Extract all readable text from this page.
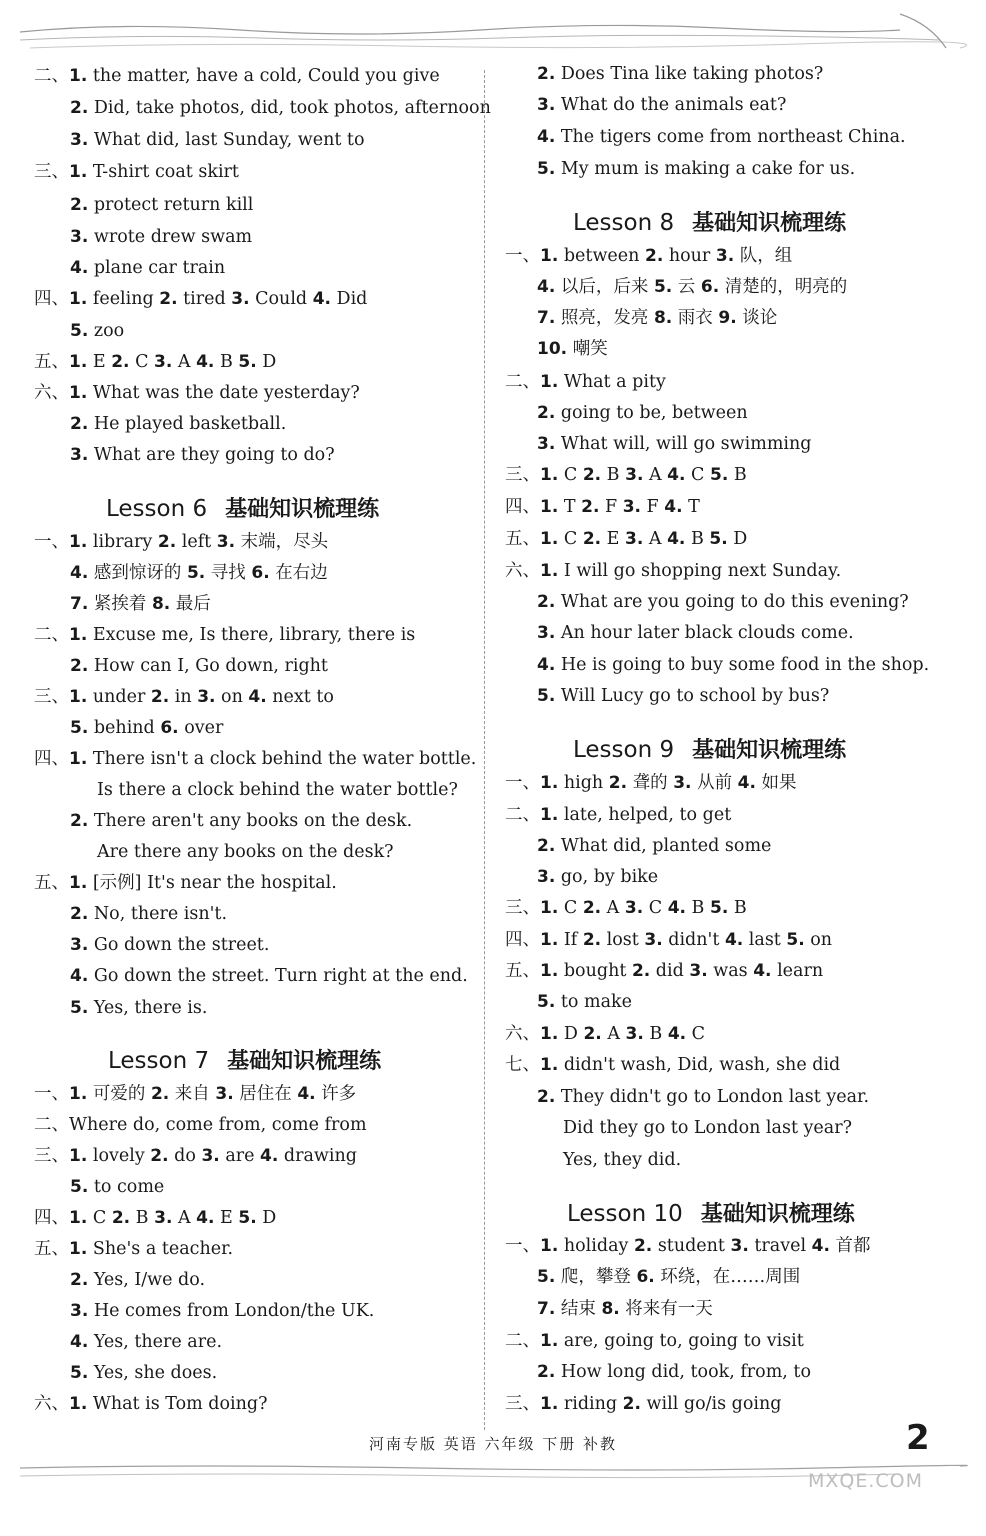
Lesson 6 基础知识梳理练
Lesson 7 基础知识梳理练
二、1. the matter, have a cold, Could you give
2. Did, take photos, did, took photos, afternoon
3. What did, last Sunday, went to
三、1. T-shirt coat skirt
2. protect return kill
3. wrote drew swam
4. plane car train
四、1. feeling 2. tired 3. Could 4. Did
5. zoo
五、1. E 2. C 3. A 4. B 5. D
六、1. What was the date yesterday?
2. He played basketball.
3. What are they going to do?
一、1. library 2. left 3. 末端，尽头
4. 感到惊讶的 5. 寻找 6. 在右边
7. 紧挨着 8. 最后
二、1. Excuse me, Is there, library, there is
2. How can I, Go down, right
三、1. under 2. in 3. on 4. next to
5. behind 6. over
四、1. There isn't a clock behind the water bottle.
Is there a clock behind the water bottle?
2. There aren't any books on the desk.
Are there any books on the desk?
五、1. [示例] It's near the hospital.
2. No, there isn't.
3. Go down the street.
4. Go down the street. Turn right at the end.
5. Yes, there is.
一、1. 可爱的 2. 来自 3. 居住在 4. 许多
二、Where do, come from, come from
三、1. lovely 2. do 3. are 4. drawing
5. to come
四、1. C 2. B 3. A 4. E 5. D
五、1. She's a teacher.
2. Yes, I/we do.
3. He comes from London/the UK.
4. Yes, there are.
5. Yes, she does.
六、1. What is Tom doing?
Lesson 8 基础知识梳理练
Lesson 9 基础知识梳理练
Lesson 10 基础知识梳理练
2. Does Tina like taking photos?
3. What do the animals eat?
4. The tigers come from northeast China.
5. My mum is making a cake for us.
一、1. between 2. hour 3. 队，组
4. 以后，后来 5. 云 6. 清楚的，明亮的
7. 照亮，发亮 8. 雨衣 9. 谈论
10. 嘲笑
二、1. What a pity
2. going to be, between
3. What will, will go swimming
三、1. C 2. B 3. A 4. C 5. B
四、1. T 2. F 3. F 4. T
五、1. C 2. E 3. A 4. B 5. D
六、1. I will go shopping next Sunday.
2. What are you going to do this evening?
3. An hour later black clouds come.
4. He is going to buy some food in the shop.
5. Will Lucy go to school by bus?
一、1. high 2. 聋的 3. 从前 4. 如果
二、1. late, helped, to get
2. What did, planted some
3. go, by bike
三、1. C 2. A 3. C 4. B 5. B
四、1. If 2. lost 3. didn't 4. last 5. on
五、1. bought 2. did 3. was 4. learn
5. to make
六、1. D 2. A 3. B 4. C
七、1. didn't wash, Did, wash, she did
2. They didn't go to London last year.
Did they go to London last year?
Yes, they did.
一、1. holiday 2. student 3. travel 4. 首都
5. 爬，攀登 6. 环绕，在……周围
7. 结束 8. 将来有一天
二、1. are, going to, going to visit
2. How long did, took, from, to
三、1. riding 2. will go/is going
河南专版 英语 六年级 下册 补教	2
MXQE.COM
